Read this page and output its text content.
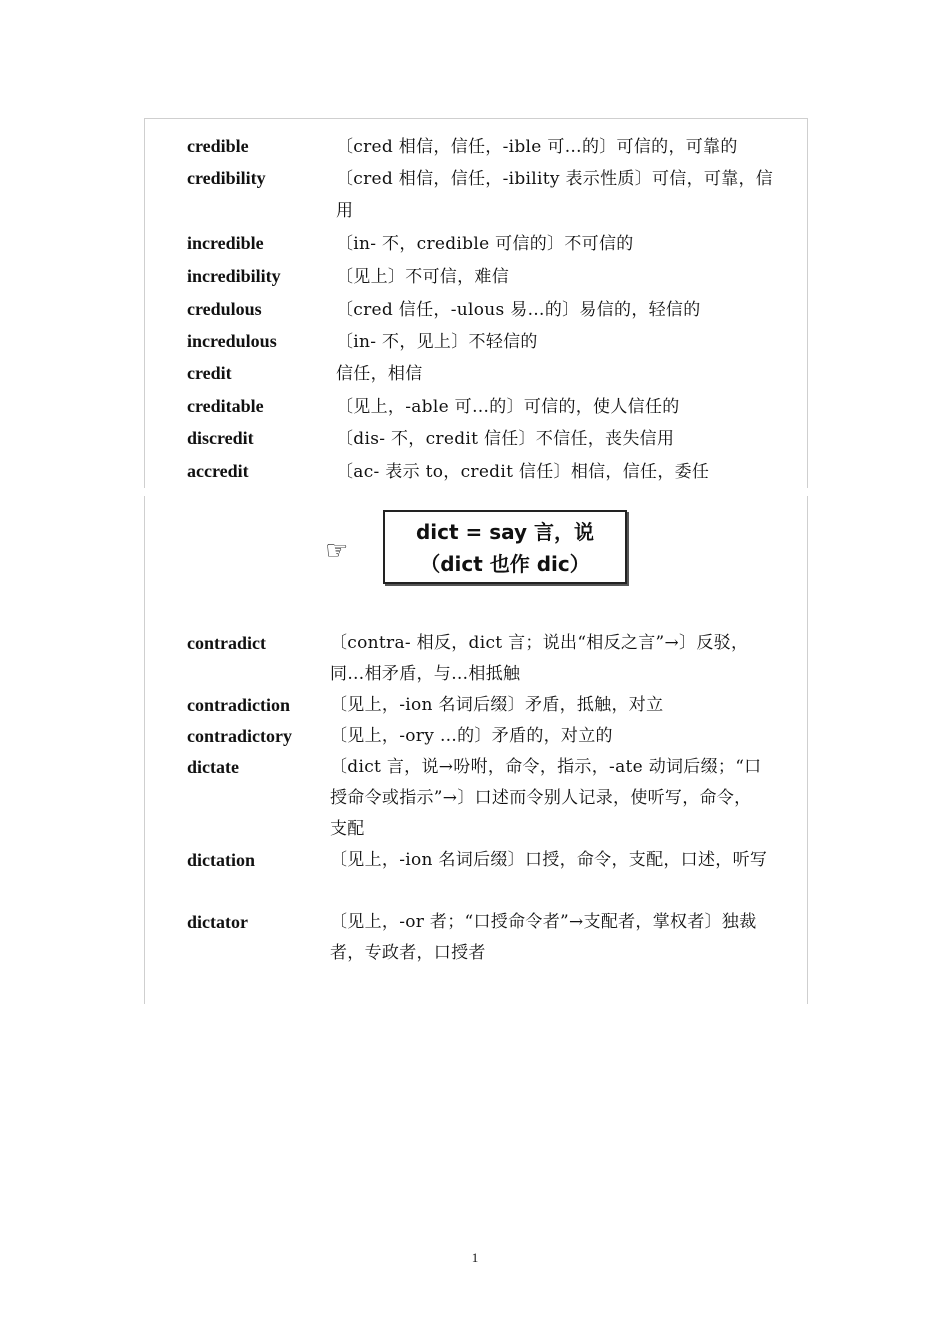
credible	〔cred 相信，信任，-ible 可…的〕可信的，可靠的
credibility	〔cred 相信，信任，-ibility 表示性质〕可信，可靠，信用
incredible	〔in- 不，credible 可信的〕不可信的
incredibility	〔见上〕不可信，难信
credulous	〔cred 信任，-ulous 易…的〕易信的，轻信的
incredulous	〔in- 不，见上〕不轻信的
credit	信任，相信
creditable	〔见上，-able 可…的〕可信的，使人信任的
discredit	〔dis- 不，credit 信任〕不信任，丧失信用
accredit	〔ac- 表示 to，credit 信任〕相信，信任，委任
☞
dict = say 言，说
（dict 也作 dic）
contradict	〔contra- 相反，dict 言；说出“相反之言”→〕反驳，同…相矛盾，与…相抵触
contradiction 〔见上，-ion 名词后缀〕矛盾，抵触，对立
contradictory 〔见上，-ory …的〕矛盾的，对立的
dictate	〔dict 言，说→吩咐，命令，指示，-ate 动词后缀；“口授命令或指示”→〕口述而令别人记录，使听写，命令，支配
dictation	〔见上，-ion 名词后缀〕口授，命令，支配，口述，听写
dictator	〔见上，-or 者；“口授命令者”→支配者，掌权者〕独裁者，专政者，口授者
1
